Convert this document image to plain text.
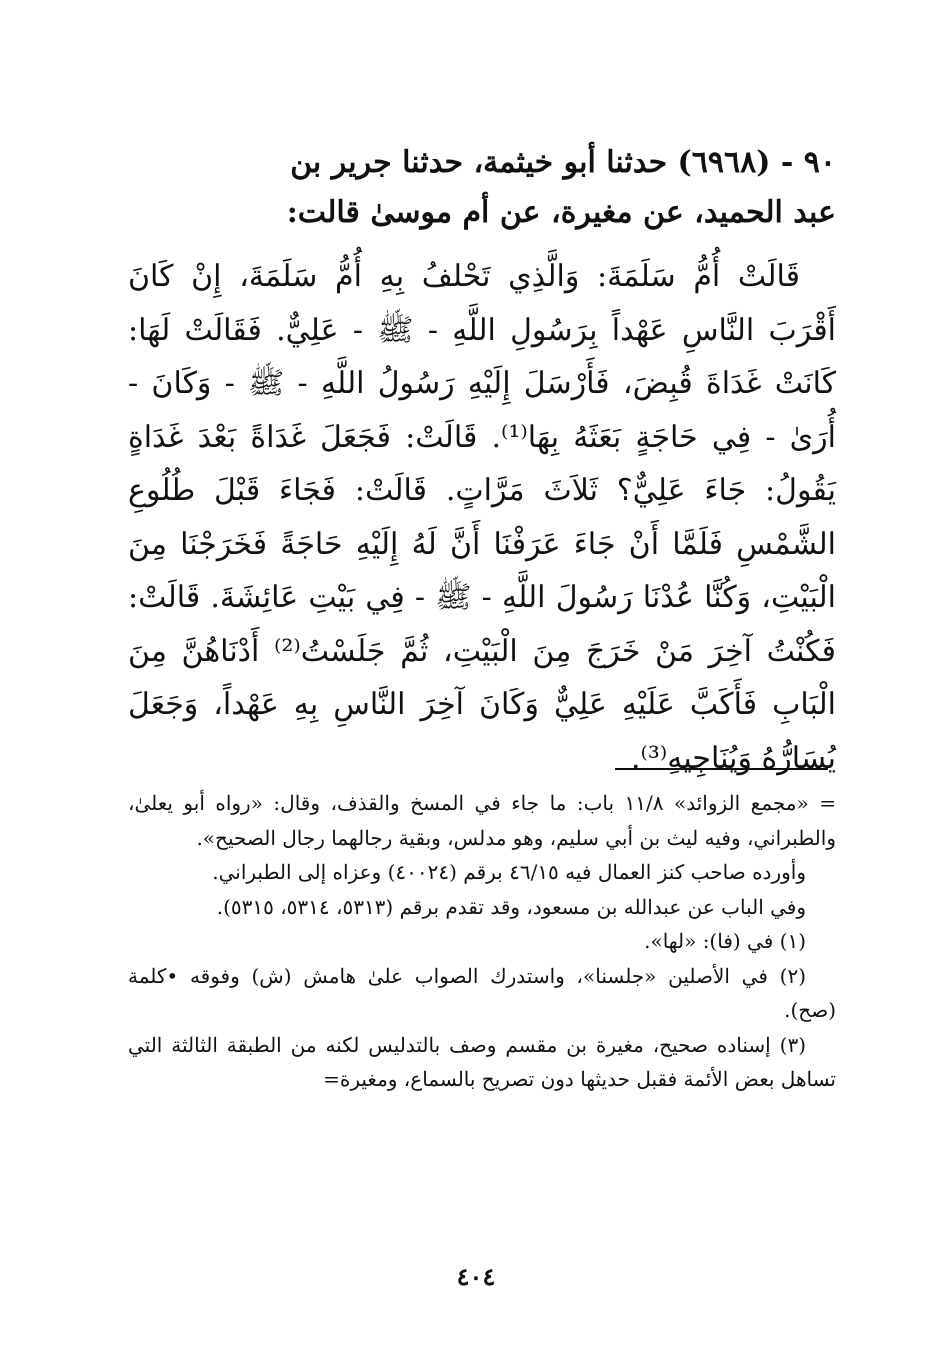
٩٠ - (٦٩٦٨) حدثنا أبو خيثمة، حدثنا جرير بن
عبد الحميد، عن مغيرة، عن أم موسىٰ قالت:

قَالَتْ أُمُّ سَلَمَةَ: وَالَّذِي تَحْلفُ بِهِ أُمُّ سَلَمَةَ، إِنْ كَانَ أَقْرَبَ النَّاسِ عَهْداً بِرَسُولِ اللَّهِ - ﷺ - عَلِيٌّ. فَقَالَتْ لَهَا: كَانَتْ غَدَاةَ قُبِضَ، فَأَرْسَلَ إِلَيْهِ رَسُولُ اللَّهِ - ﷺ - وَكَانَ - أُرَىٰ - فِي حَاجَةٍ بَعَثَهُ بِهَا⁽¹⁾. قَالَتْ: فَجَعَلَ غَدَاةً بَعْدَ غَدَاةٍ يَقُولُ: جَاءَ عَلِيٌّ؟ ثَلاَثَ مَرَّاتٍ. قَالَتْ: فَجَاءَ قَبْلَ طُلُوعِ الشَّمْسِ فَلَمَّا أَنْ جَاءَ عَرَفْنَا أَنَّ لَهُ إِلَيْهِ حَاجَةً فَخَرَجْنَا مِنَ الْبَيْتِ، وَكُنَّا عُدْنَا رَسُولَ اللَّهِ - ﷺ - فِي بَيْتِ عَائِشَةَ. قَالَتْ: فَكُنْتُ آخِرَ مَنْ خَرَجَ مِنَ الْبَيْتِ، ثُمَّ جَلَسْتُ⁽²⁾ أَدْنَاهُنَّ مِنَ الْبَابِ فَأَكَبَّ عَلَيْهِ عَلِيٌّ وَكَانَ آخِرَ النَّاسِ بِهِ عَهْداً، وَجَعَلَ يُسَارُّهُ وَيُنَاجِيهِ⁽³⁾.

= «مجمع الزوائد» ١١/٨ باب: ما جاء في المسخ والقذف، وقال: «رواه أبو يعلىٰ، والطبراني، وفيه ليث بن أبي سليم، وهو مدلس، وبقية رجالهما رجال الصحيح».

وأورده صاحب كنز العمال فيه ٤٦/١٥ برقم (٤٠٠٢٤) وعزاه إلى الطبراني.

وفي الباب عن عبدالله بن مسعود، وقد تقدم برقم (٥٣١٣، ٥٣١٤، ٥٣١٥).

(١) في (فا): «لها».

(٢) في الأصلين «جلسنا»، واستدرك الصواب علىٰ هامش (ش) وفوقه •كلمة (صح).

(٣) إسناده صحيح، مغيرة بن مقسم وصف بالتدليس لكنه من الطبقة الثالثة التي تساهل بعض الأئمة فقبل حديثها دون تصريح بالسماع، ومغيرة=

٤٠٤
